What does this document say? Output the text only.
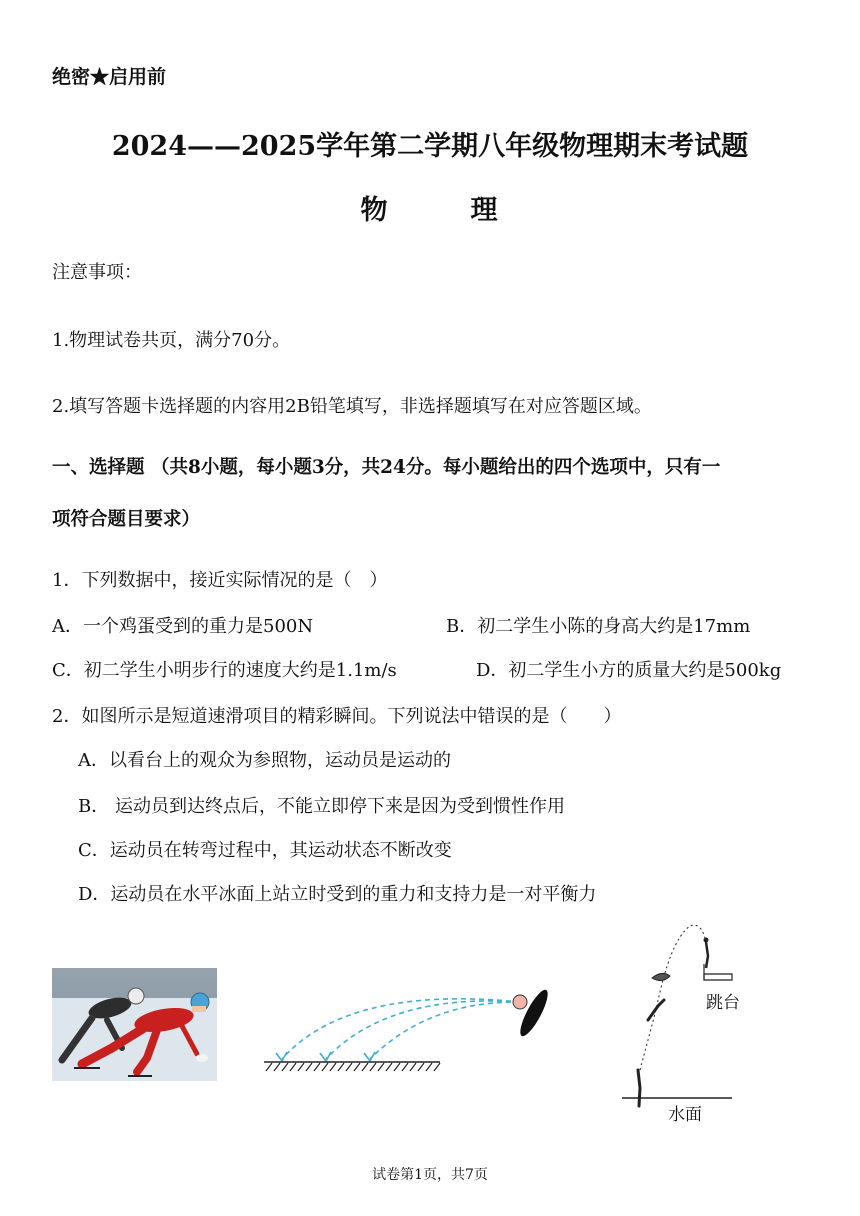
绝密★启用前
2024——2025学年第二学期八年级物理期末考试题
物	理
注意事项：
1.物理试卷共页，满分70分。
2.填写答题卡选择题的内容用2B铅笔填写，非选择题填写在对应答题区域。
一、选择题 （共8小题，每小题3分，共24分。每小题给出的四个选项中，只有一
项符合题目要求）
1．下列数据中，接近实际情况的是（　）
A．一个鸡蛋受到的重力是500N	B．初二学生小陈的身高大约是17mm
C．初二学生小明步行的速度大约是1.1m/s	D．初二学生小方的质量大约是500kg
2．如图所示是短道速滑项目的精彩瞬间。下列说法中错误的是（　　）
A．以看台上的观众为参照物，运动员是运动的
B． 运动员到达终点后，不能立即停下来是因为受到惯性作用
C．运动员在转弯过程中，其运动状态不断改变
D．运动员在水平冰面上站立时受到的重力和支持力是一对平衡力
跳台
水面
试卷第1页，共7页
